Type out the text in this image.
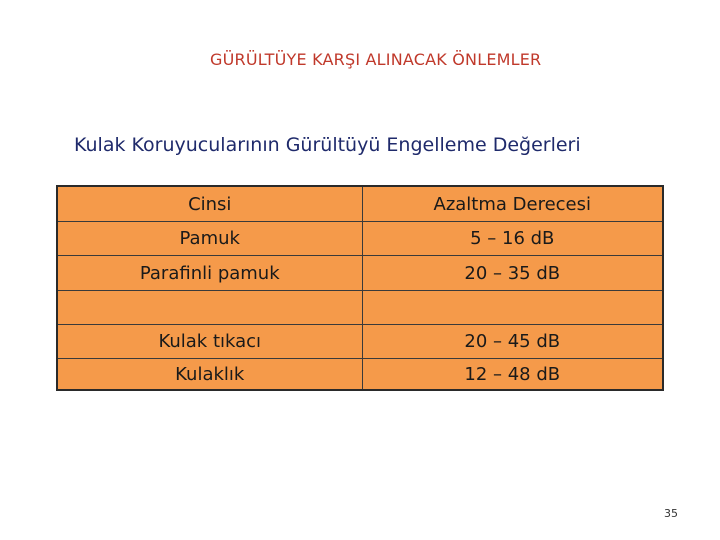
GÜRÜLTÜYE KARŞI ALINACAK ÖNLEMLER
Kulak Koruyucularının Gürültüyü Engelleme Değerleri
Cinsi	Azaltma Derecesi
Pamuk	5 – 16 dB
Parafinli pamuk	20 – 35 dB
Kulak tıkacı	20 – 45 dB
Kulaklık	12 – 48 dB
35
